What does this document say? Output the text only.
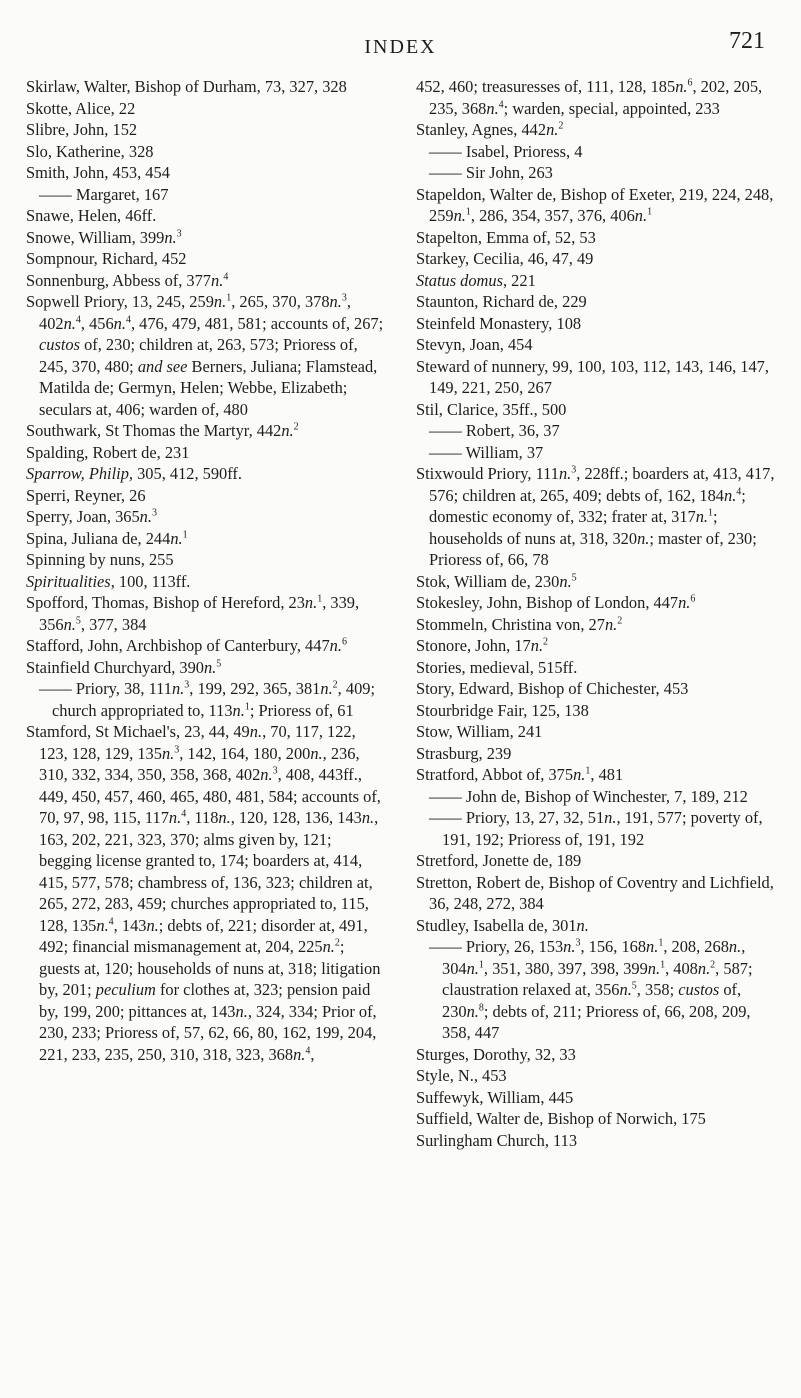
INDEX	721
Skirlaw, Walter, Bishop of Durham, 73, 327, 328
Skotte, Alice, 22
Slibre, John, 152
Slo, Katherine, 328
Smith, John, 453, 454
—— Margaret, 167
Snawe, Helen, 46ff.
Snowe, William, 399n.$^3$
Sompnour, Richard, 452
Sonnenburg, Abbess of, 377n.$^4$
Sopwell Priory, 13, 245, 259n.$^1$, 265, 370, 378n.$^3$, 402n.$^4$, 456n.$^4$, 476, 479, 481, 581; accounts of, 267; custos of, 230; children at, 263, 573; Prioress of, 245, 370, 480; and see Berners, Juliana; Flamstead, Matilda de; Germyn, Helen; Webbe, Elizabeth; seculars at, 406; warden of, 480
Southwark, St Thomas the Martyr, 442n.$^2$
Spalding, Robert de, 231
Sparrow, Philip, 305, 412, 590ff.
Sperri, Reyner, 26
Sperry, Joan, 365n.$^3$
Spina, Juliana de, 244n.$^1$
Spinning by nuns, 255
Spiritualities, 100, 113ff.
Spofford, Thomas, Bishop of Hereford, 23n.$^1$, 339, 356n.$^5$, 377, 384
Stafford, John, Archbishop of Canterbury, 447n.$^6$
Stainfield Churchyard, 390n.$^5$
—— Priory, 38, 111n.$^3$, 199, 292, 365, 381n.$^2$, 409; church appropriated to, 113n.$^1$; Prioress of, 61
Stamford, St Michael's, 23, 44, 49n., 70, 117, 122, 123, 128, 129, 135n.$^3$, 142, 164, 180, 200n., 236, 310, 332, 334, 350, 358, 368, 402n.$^3$, 408, 443ff., 449, 450, 457, 460, 465, 480, 481, 584; accounts of, 70, 97, 98, 115, 117n.$^4$, 118n., 120, 128, 136, 143n., 163, 202, 221, 323, 370; alms given by, 121; begging license granted to, 174; boarders at, 414, 415, 577, 578; chambress of, 136, 323; children at, 265, 272, 283, 459; churches appropriated to, 115, 128, 135n.$^4$, 143n.; debts of, 221; disorder at, 491, 492; financial mismanagement at, 204, 225n.$^2$; guests at, 120; households of nuns at, 318; litigation by, 201; peculium for clothes at, 323; pension paid by, 199, 200; pittances at, 143n., 324, 334; Prior of, 230, 233; Prioress of, 57, 62, 66, 80, 162, 199, 204, 221, 233, 235, 250, 310, 318, 323, 368n.$^4$,
452, 460; treasuresses of, 111, 128, 185n.$^6$, 202, 205, 235, 368n.$^4$; warden, special, appointed, 233
Stanley, Agnes, 442n.$^2$
—— Isabel, Prioress, 4
—— Sir John, 263
Stapeldon, Walter de, Bishop of Exeter, 219, 224, 248, 259n.$^1$, 286, 354, 357, 376, 406n.$^1$
Stapelton, Emma of, 52, 53
Starkey, Cecilia, 46, 47, 49
Status domus, 221
Staunton, Richard de, 229
Steinfeld Monastery, 108
Stevyn, Joan, 454
Steward of nunnery, 99, 100, 103, 112, 143, 146, 147, 149, 221, 250, 267
Stil, Clarice, 35ff., 500
—— Robert, 36, 37
—— William, 37
Stixwould Priory, 111n.$^3$, 228ff.; boarders at, 413, 417, 576; children at, 265, 409; debts of, 162, 184n.$^4$; domestic economy of, 332; frater at, 317n.$^1$; households of nuns at, 318, 320n.; master of, 230; Prioress of, 66, 78
Stok, William de, 230n.$^5$
Stokesley, John, Bishop of London, 447n.$^6$
Stommeln, Christina von, 27n.$^2$
Stonore, John, 17n.$^2$
Stories, medieval, 515ff.
Story, Edward, Bishop of Chichester, 453
Stourbridge Fair, 125, 138
Stow, William, 241
Strasburg, 239
Stratford, Abbot of, 375n.$^1$, 481
—— John de, Bishop of Winchester, 7, 189, 212
—— Priory, 13, 27, 32, 51n., 191, 577; poverty of, 191, 192; Prioress of, 191, 192
Stretford, Jonette de, 189
Stretton, Robert de, Bishop of Coventry and Lichfield, 36, 248, 272, 384
Studley, Isabella de, 301n.
—— Priory, 26, 153n.$^3$, 156, 168n.$^1$, 208, 268n., 304n.$^1$, 351, 380, 397, 398, 399n.$^1$, 408n.$^2$, 587; claustration relaxed at, 356n.$^5$, 358; custos of, 230n.$^8$; debts of, 211; Prioress of, 66, 208, 209, 358, 447
Sturges, Dorothy, 32, 33
Style, N., 453
Suffewyk, William, 445
Suffield, Walter de, Bishop of Norwich, 175
Surlingham Church, 113
